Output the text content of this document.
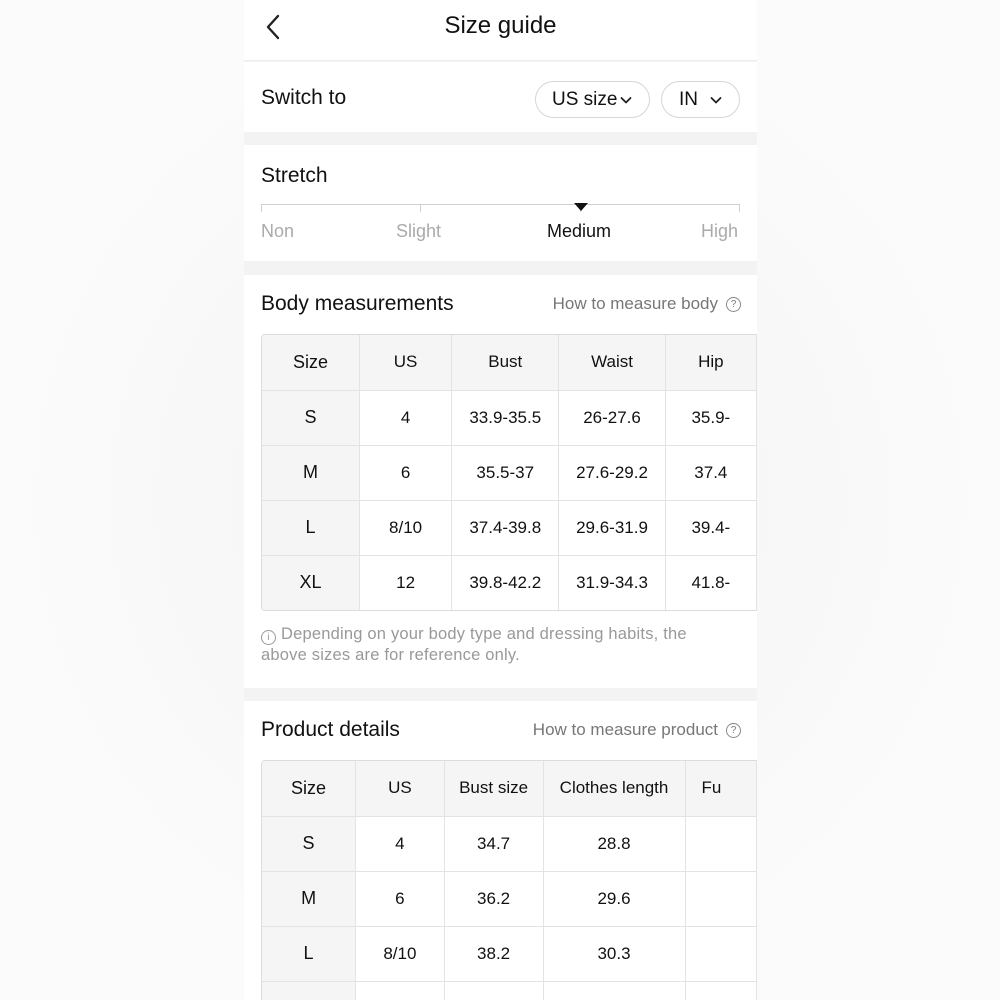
Size guide
Switch to	US size	IN
Stretch
Non	Slight	Medium	High
Body measurements	How to measure body	?
Size	US	Bust	Waist	Hip
S	4	33.9-35.5	26-27.6	35.9-
M	6	35.5-37	27.6-29.2	37.4
L	8/10	37.4-39.8	29.6-31.9	39.4-
XL	12	39.8-42.2	31.9-34.3	41.8-
i Depending on your body type and dressing habits, the above sizes are for reference only.
Product details	How to measure product	?
Size	US	Bust size	Clothes length	Fu
S	4	34.7	28.8	
M	6	36.2	29.6	
L	8/10	38.2	30.3	
